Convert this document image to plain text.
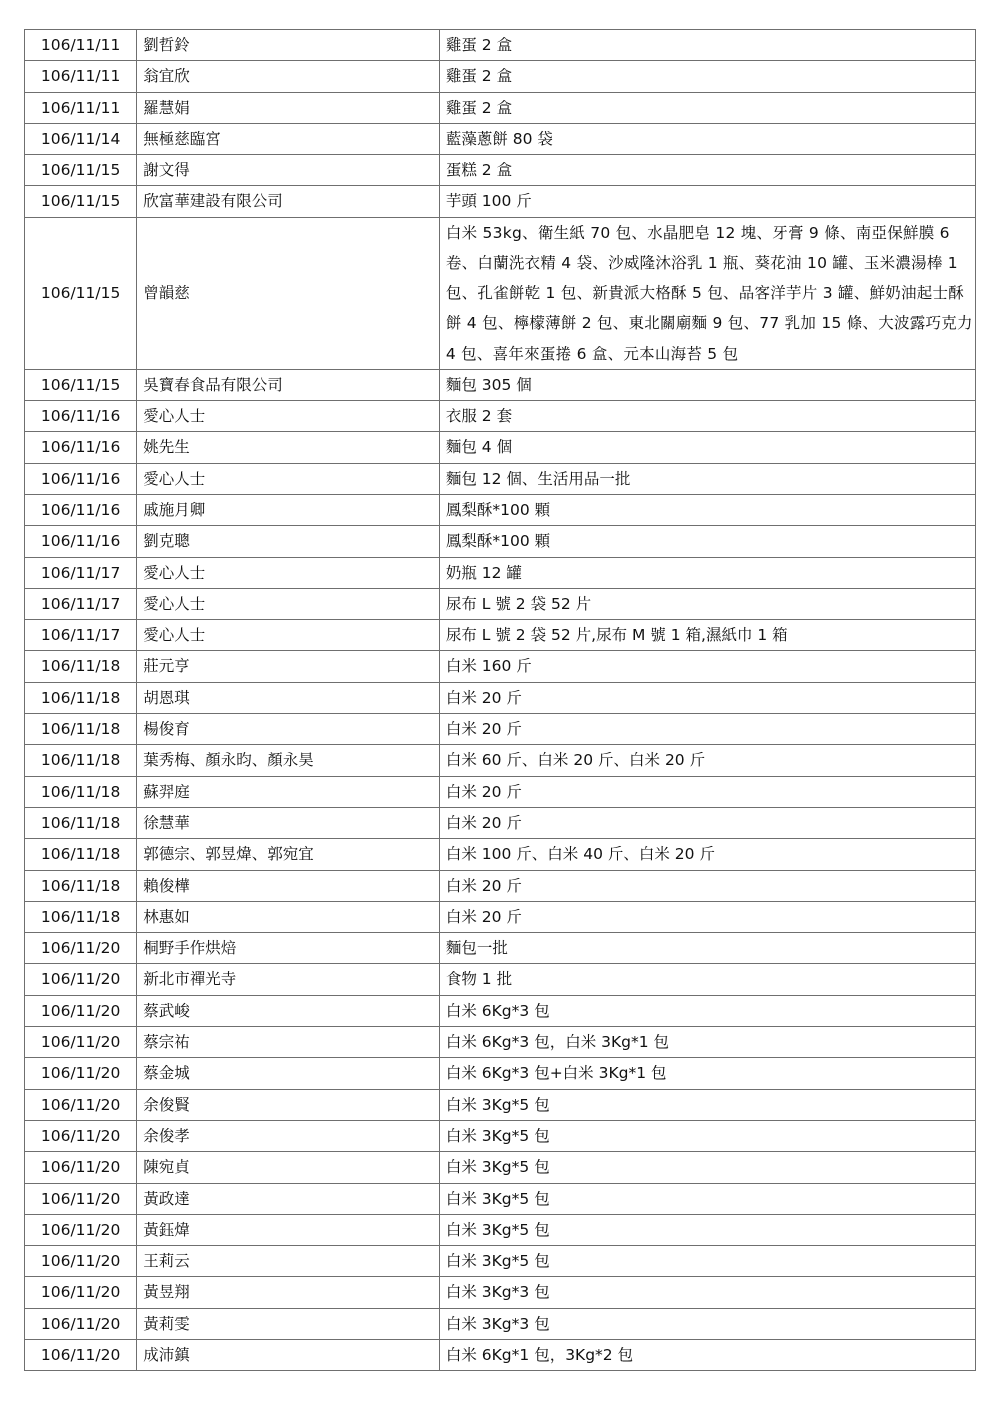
106/11/11	劉哲鈴	雞蛋 2 盒
106/11/11	翁宜欣	雞蛋 2 盒
106/11/11	羅慧娟	雞蛋 2 盒
106/11/14	無極慈臨宮	藍藻蔥餅 80 袋
106/11/15	謝文得	蛋糕 2 盒
106/11/15	欣富華建設有限公司	芋頭 100 斤
106/11/15	曾韻慈	白米 53kg、衛生紙 70 包、水晶肥皂 12 塊、牙膏 9 條、南亞保鮮膜 6 卷、白蘭洗衣精 4 袋、沙威隆沐浴乳 1 瓶、葵花油 10 罐、玉米濃湯棒 1 包、孔雀餅乾 1 包、新貴派大格酥 5 包、品客洋芋片 3 罐、鮮奶油起士酥餅 4 包、檸檬薄餅 2 包、東北關廟麵 9 包、77 乳加 15 條、大波露巧克力 4 包、喜年來蛋捲 6 盒、元本山海苔 5 包
106/11/15	吳寶春食品有限公司	麵包 305 個
106/11/16	愛心人士	衣服 2 套
106/11/16	姚先生	麵包 4 個
106/11/16	愛心人士	麵包 12 個、生活用品一批
106/11/16	戚施月卿	鳳梨酥*100 顆
106/11/16	劉克聰	鳳梨酥*100 顆
106/11/17	愛心人士	奶瓶 12 罐
106/11/17	愛心人士	尿布 L 號 2 袋 52 片
106/11/17	愛心人士	尿布 L 號 2 袋 52 片,尿布 M 號 1 箱,濕紙巾 1 箱
106/11/18	莊元亨	白米 160 斤
106/11/18	胡恩琪	白米 20 斤
106/11/18	楊俊育	白米 20 斤
106/11/18	葉秀梅、顏永昀、顏永昊	白米 60 斤、白米 20 斤、白米 20 斤
106/11/18	蘇羿庭	白米 20 斤
106/11/18	徐慧華	白米 20 斤
106/11/18	郭德宗、郭昱煒、郭宛宜	白米 100 斤、白米 40 斤、白米 20 斤
106/11/18	賴俊樺	白米 20 斤
106/11/18	林惠如	白米 20 斤
106/11/20	桐野手作烘焙	麵包一批
106/11/20	新北市禪光寺	食物 1 批
106/11/20	蔡武峻	白米 6Kg*3 包
106/11/20	蔡宗祐	白米 6Kg*3 包，白米 3Kg*1 包
106/11/20	蔡金城	白米 6Kg*3 包+白米 3Kg*1 包
106/11/20	余俊賢	白米 3Kg*5 包
106/11/20	余俊孝	白米 3Kg*5 包
106/11/20	陳宛貞	白米 3Kg*5 包
106/11/20	黃政達	白米 3Kg*5 包
106/11/20	黃鈺煒	白米 3Kg*5 包
106/11/20	王莉云	白米 3Kg*5 包
106/11/20	黃昱翔	白米 3Kg*3 包
106/11/20	黃莉雯	白米 3Kg*3 包
106/11/20	成沛鎮	白米 6Kg*1 包，3Kg*2 包
